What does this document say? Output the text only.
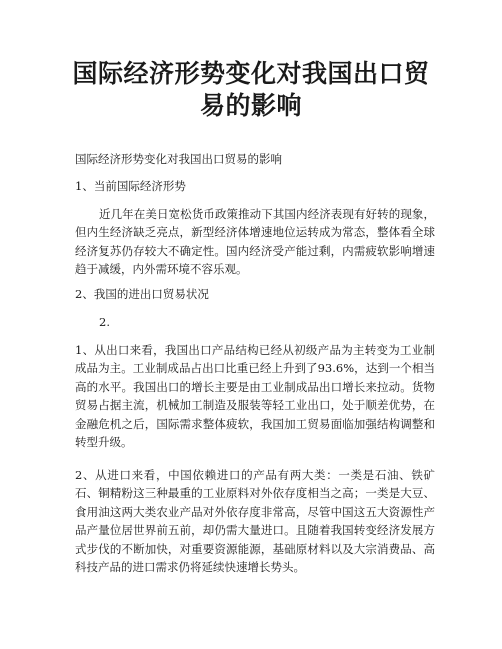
国际经济形势变化对我国出口贸易的影响

国际经济形势变化对我国出口贸易的影响

1、当前国际经济形势

近几年在美日宽松货币政策推动下其国内经济表现有好转的现象，但内生经济缺乏亮点，新型经济体增速地位运转成为常态，整体看全球经济复苏仍存较大不确定性。国内经济受产能过剩，内需疲软影响增速趋于减缓，内外需环境不容乐观。

2、我国的进出口贸易状况

2.

1、从出口来看，我国出口产品结构已经从初级产品为主转变为工业制成品为主。工业制成品占出口比重已经上升到了93.6%，达到一个相当高的水平。我国出口的增长主要是由工业制成品出口增长来拉动。货物贸易占据主流，机械加工制造及服装等轻工业出口，处于顺差优势，在金融危机之后，国际需求整体疲软，我国加工贸易面临加强结构调整和转型升级。

2、从进口来看，中国依赖进口的产品有两大类：一类是石油、铁矿石、铜精粉这三种最重的工业原料对外依存度相当之高；一类是大豆、食用油这两大类农业产品对外依存度非常高，尽管中国这五大资源性产品产量位居世界前五前，却仍需大量进口。且随着我国转变经济发展方式步伐的不断加快，对重要资源能源，基础原材料以及大宗消费品、高科技产品的进口需求仍将延续快速增长势头。
